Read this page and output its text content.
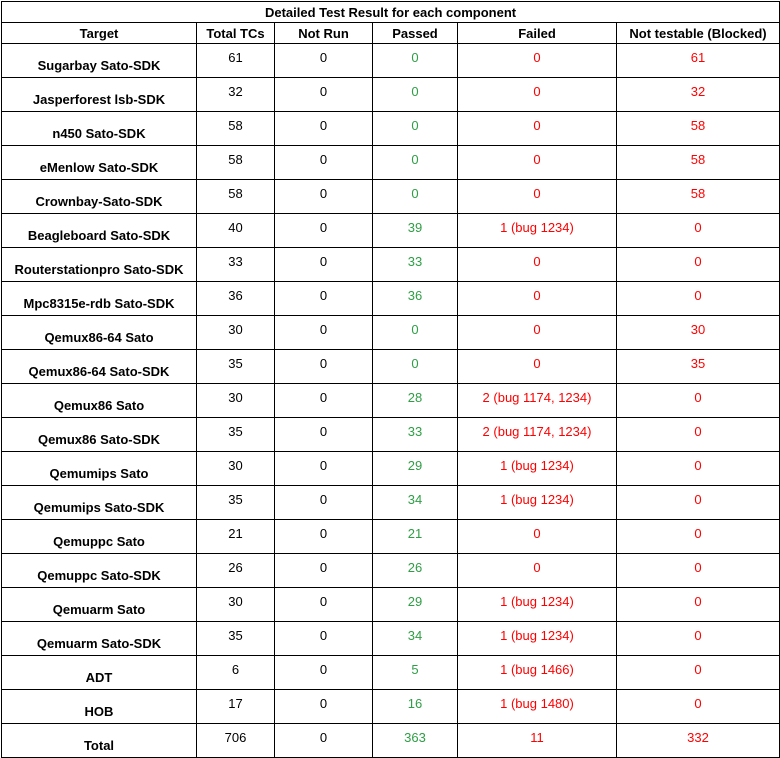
Detailed Test Result for each component					
Target	Total TCs	Not Run	Passed	Failed	Not testable (Blocked)
Sugarbay Sato-SDK	61	0	0	0	61
Jasperforest lsb-SDK	32	0	0	0	32
n450 Sato-SDK	58	0	0	0	58
eMenlow Sato-SDK	58	0	0	0	58
Crownbay-Sato-SDK	58	0	0	0	58
Beagleboard Sato-SDK	40	0	39	1 (bug 1234)	0
Routerstationpro Sato-SDK	33	0	33	0	0
Mpc8315e-rdb Sato-SDK	36	0	36	0	0
Qemux86-64 Sato	30	0	0	0	30
Qemux86-64 Sato-SDK	35	0	0	0	35
Qemux86 Sato	30	0	28	2 (bug 1174, 1234)	0
Qemux86 Sato-SDK	35	0	33	2 (bug 1174, 1234)	0
Qemumips Sato	30	0	29	1 (bug 1234)	0
Qemumips Sato-SDK	35	0	34	1 (bug 1234)	0
Qemuppc Sato	21	0	21	0	0
Qemuppc Sato-SDK	26	0	26	0	0
Qemuarm Sato	30	0	29	1 (bug 1234)	0
Qemuarm Sato-SDK	35	0	34	1 (bug 1234)	0
ADT	6	0	5	1 (bug 1466)	0
HOB	17	0	16	1 (bug 1480)	0
Total	706	0	363	11	332
